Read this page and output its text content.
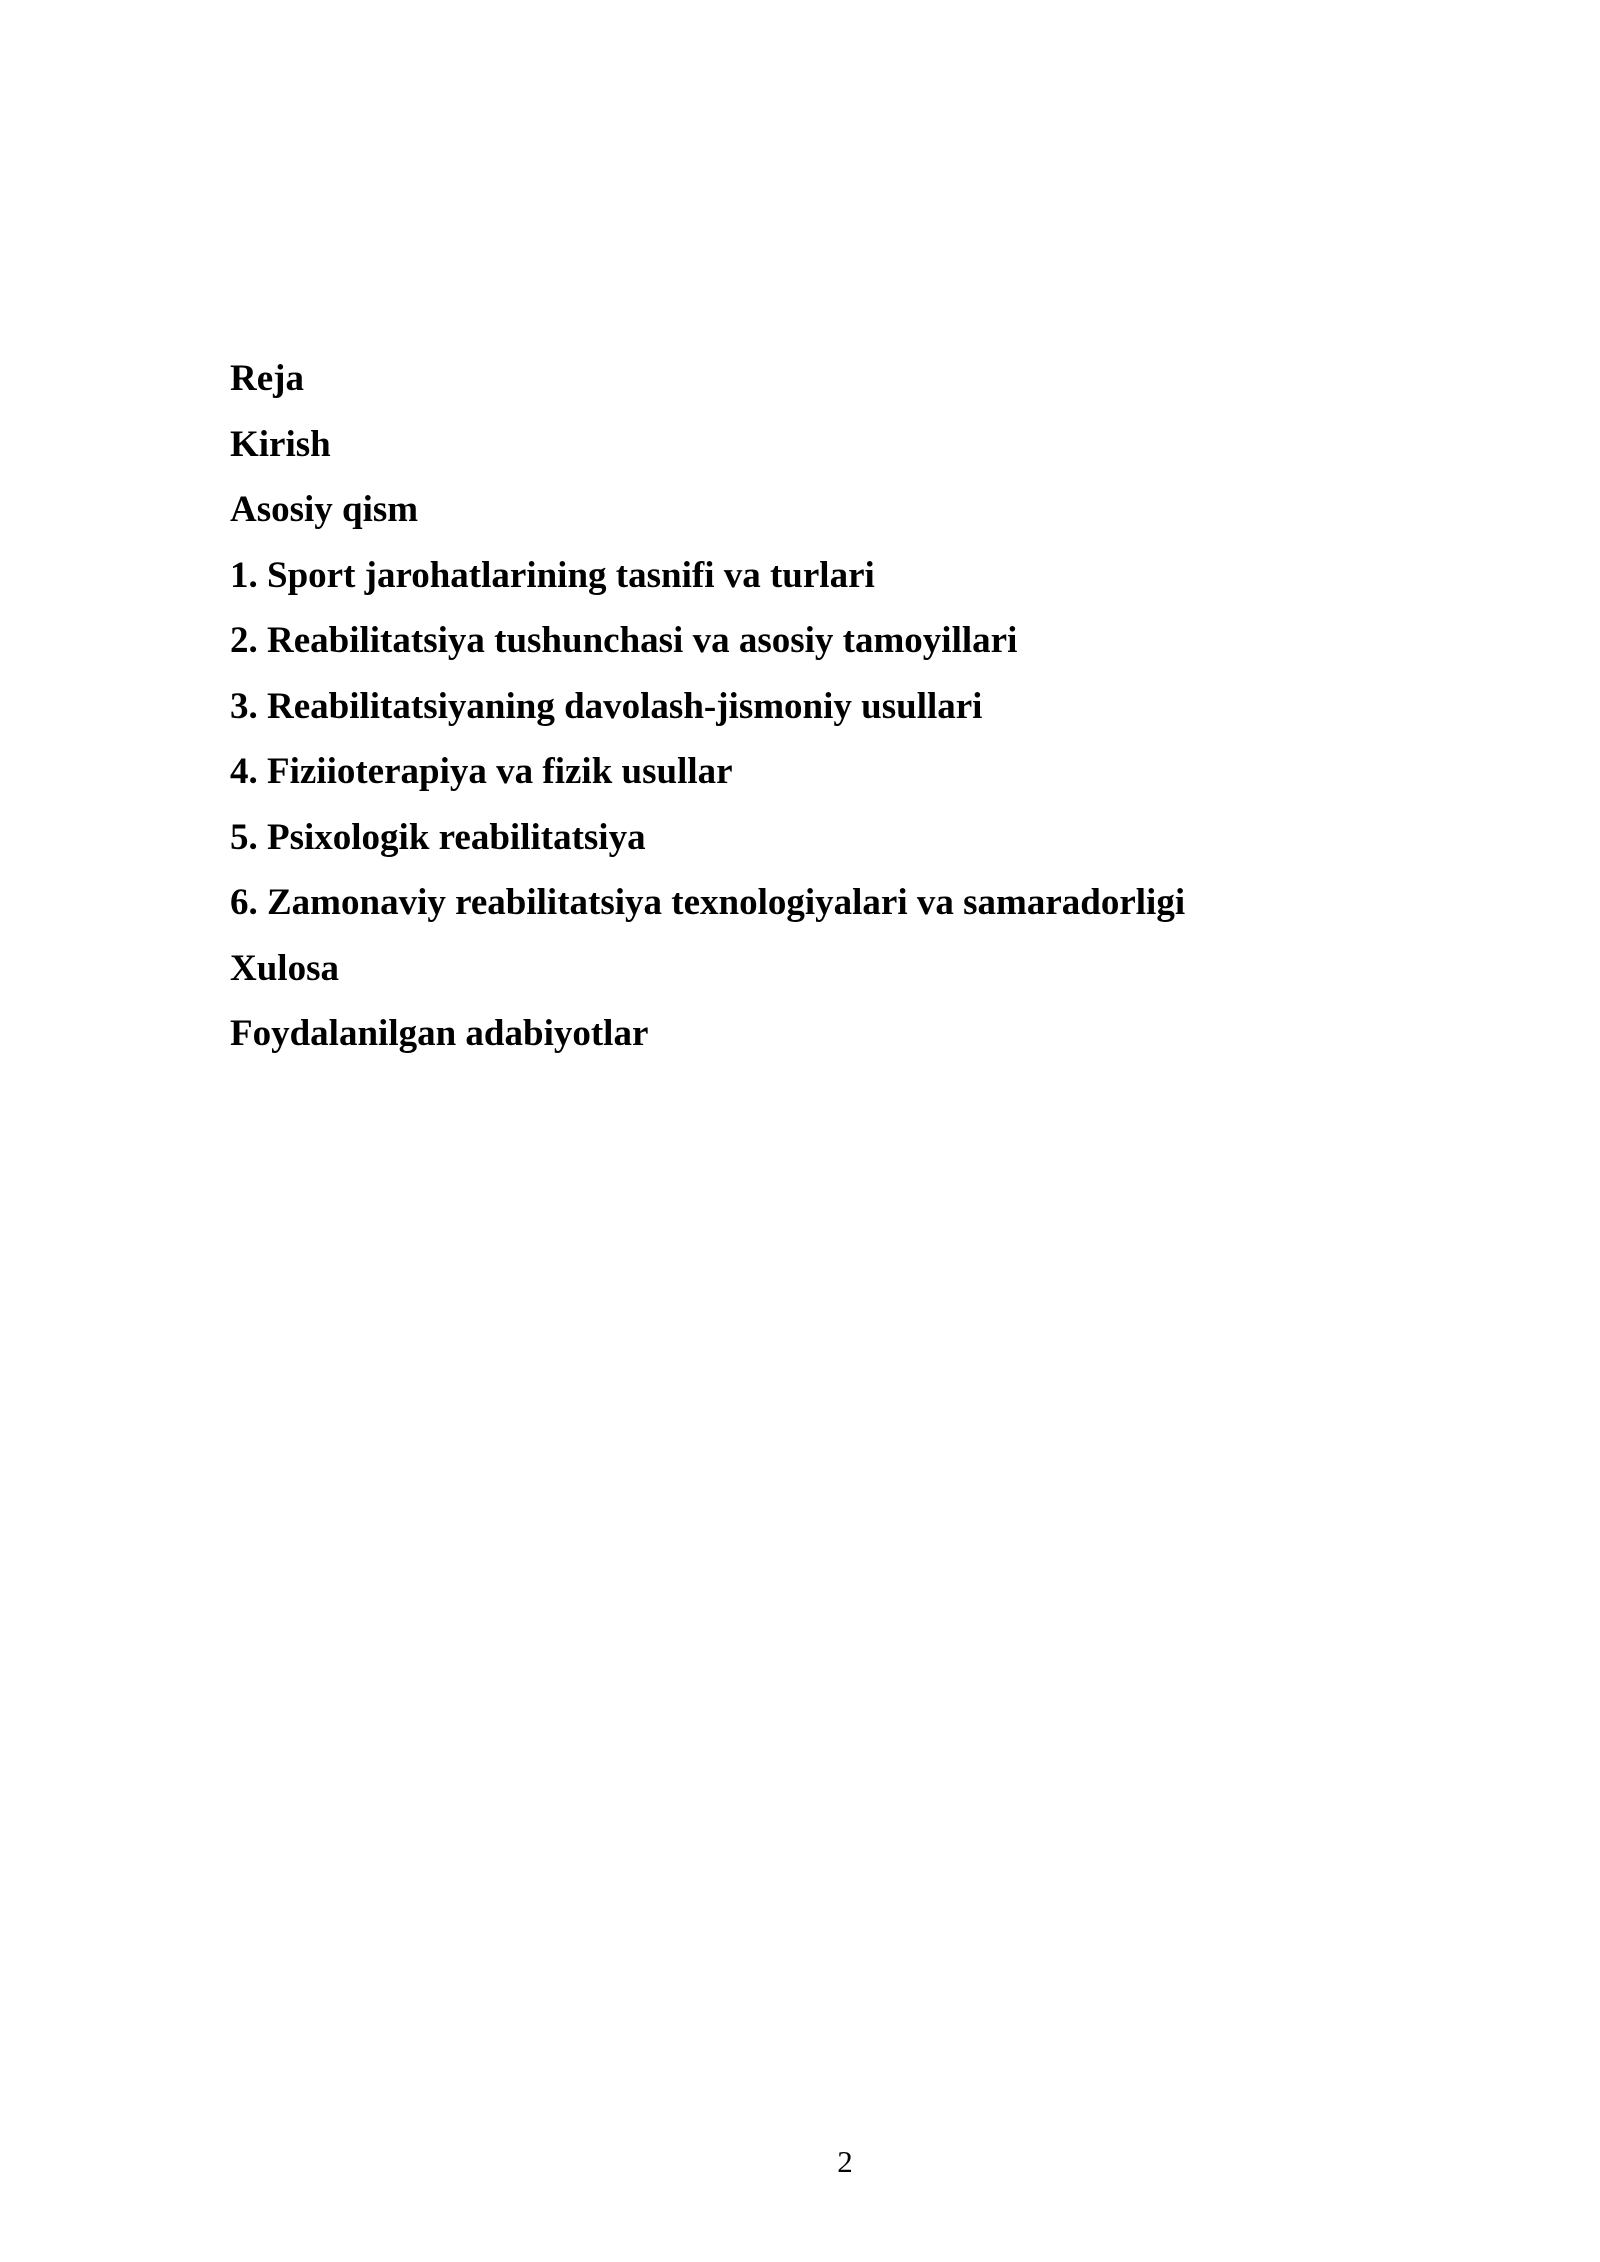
Reja
Kirish
Asosiy qism
1. Sport jarohatlarining tasnifi va turlari
2. Reabilitatsiya tushunchasi va asosiy tamoyillari
3. Reabilitatsiyaning davolash-jismoniy usullari
4. Fiziioterapiya va fizik usullar
5. Psixologik reabilitatsiya
6. Zamonaviy reabilitatsiya texnologiyalari va samaradorligi
Xulosa
Foydalanilgan adabiyotlar
2
